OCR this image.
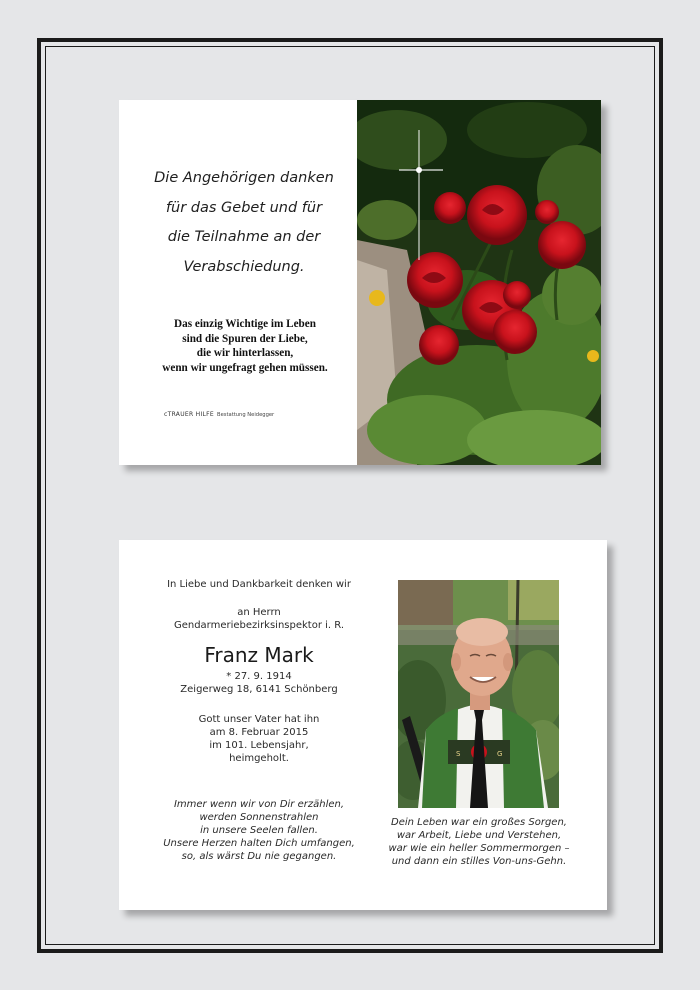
Die Angehörigen danken
für das Gebet und für
die Teilnahme an der
Verabschiedung.
Das einzig Wichtige im Leben
sind die Spuren der Liebe,
die wir hinterlassen,
wenn wir ungefragt gehen müssen.
cTRAUER HILFE Bestattung Neidegger
In Liebe und Dankbarkeit denken wir
an Herrn
Gendarmeriebezirksinspektor i. R.
Franz Mark
* 27. 9. 1914
Zeigerweg 18, 6141 Schönberg
Gott unser Vater hat ihn
am 8. Februar 2015
im 101. Lebensjahr,
heimgeholt.
Immer wenn wir von Dir erzählen,
werden Sonnenstrahlen
in unsere Seelen fallen.
Unsere Herzen halten Dich umfangen,
so, als wärst Du nie gegangen.
S	G
Dein Leben war ein großes Sorgen,
war Arbeit, Liebe und Verstehen,
war wie ein heller Sommermorgen –
und dann ein stilles Von-uns-Gehn.
